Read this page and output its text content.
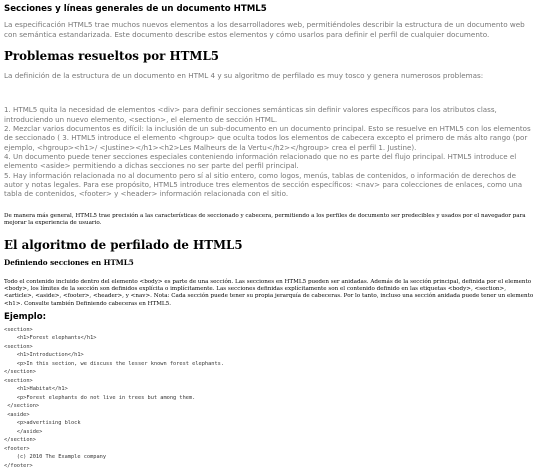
Secciones y líneas generales de un documento HTML5

La especificación HTML5 trae muchos nuevos elementos a los desarrolladores web, permitiéndoles describir la estructura de un documento web con semántica estandarizada. Este documento describe estos elementos y cómo usarlos para definir el perfil de cualquier documento.

Problemas resueltos por HTML5

La definición de la estructura de un documento en HTML 4 y su algoritmo de perfilado es muy tosco y genera numerosos problemas:

1. HTML5 quita la necesidad de elementos <div> para definir secciones semánticas sin definir valores específicos para los atributos class, introduciendo un nuevo elemento, <section>, el elemento de sección HTML.
2. Mezclar varios documentos es difícil: la inclusión de un sub-documento en un documento principal. Esto se resuelve en HTML5 con los elementos de seccionado ( 3. HTML5 introduce el elemento <hgroup> que oculta todos los elementos de cabecera excepto el primero de más alto rango (por ejemplo, <hgroup><h1>/ <Justine></h1><h2>Les Malheurs de la Vertu</h2></hgroup> crea el perfil 1. Justine).
4. Un documento puede tener secciones especiales conteniendo información relacionado que no es parte del flujo principal. HTML5 introduce el elemento <aside> permitiendo a dichas secciones no ser parte del perfil principal.
5. Hay información relacionada no al documento pero sí al sitio entero, como logos, menús, tablas de contenidos, o información de derechos de autor y notas legales. Para ese propósito, HTML5 introduce tres elementos de sección específicos: <nav> para colecciones de enlaces, como una tabla de contenidos, <footer> y <header> información relacionada con el sitio.

De manera más general, HTML5 trae precisión a las características de seccionado y cabecera, permitiendo a los perfiles de documento ser predecibles y usados por el navegador para mejorar la experiencia de usuario.

El algoritmo de perfilado de HTML5
Definiendo secciones en HTML5

Todo el contenido incluido dentro del elemento <body> es parte de una sección. Las secciones en HTML5 pueden ser anidadas. Además de la sección principal, definida por el elemento <body>, los límites de la sección son definidos explícita o implícitamente. Las secciones definidas explícitamente son el contenido definido en las etiquetas <body>, <section>, <article>, <aside>, <footer>, <header>, y <nav>. Nota: Cada sección puede tener su propia jerarquía de cabeceras. Por lo tanto, incluso una sección anidada puede tener un elemento <h1>. Consulte también Definiendo cabeceras en HTML5.

Ejemplo:
<section>
<h1>Forest elephants</h1>
<section>
<h1>Introduction</h1>
<p>In this section, we discuss the lesser known forest elephants.
</section>
<section>
<h1>Habitat</h1>
<p>Forest elephants do not live in trees but among them.
</section>
<aside>
<p>advertising block
</aside>
</section>
<footer>
(c) 2010 The Example company
</footer>
